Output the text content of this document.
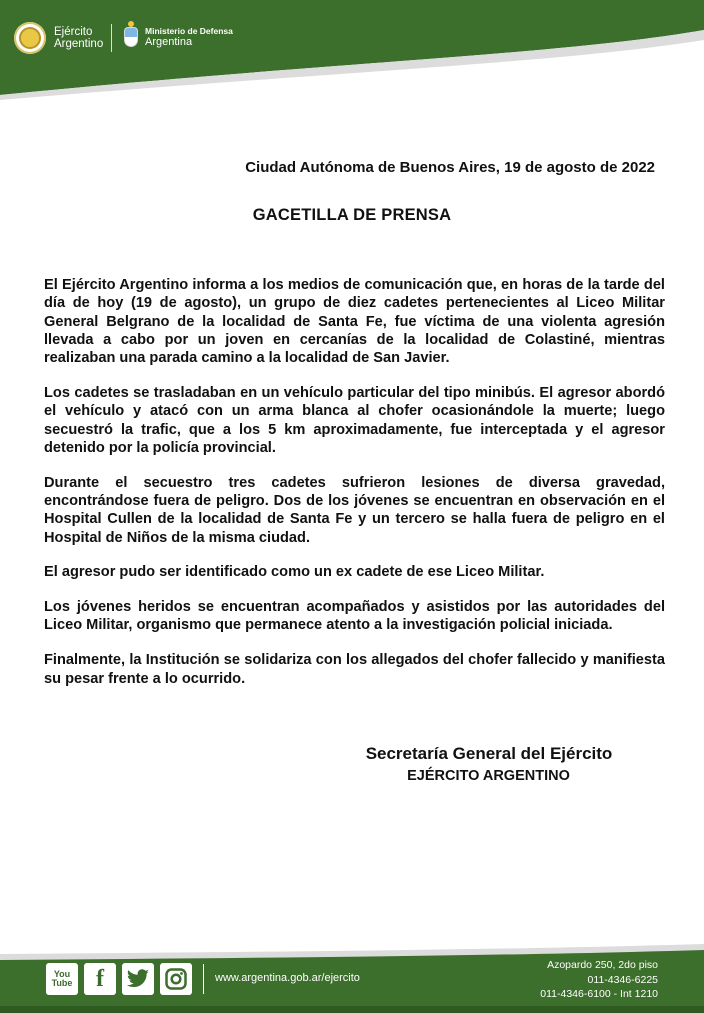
Ejército
Argentino
Ministerio de Defensa
Argentina
Ciudad Autónoma de Buenos Aires, 19 de agosto de 2022
GACETILLA DE PRENSA

El Ejército Argentino informa a los medios de comunicación que, en horas de la tarde del día de hoy (19 de agosto), un grupo de diez cadetes pertenecientes al Liceo Militar General Belgrano de la localidad de Santa Fe, fue víctima de una violenta agresión llevada a cabo por un joven en cercanías de la localidad de Colastiné, mientras realizaban una parada camino a la localidad de San Javier.

Los cadetes se trasladaban en un vehículo particular del tipo minibús. El agresor abordó el vehículo y atacó con un arma blanca al chofer ocasionándole la muerte; luego secuestró la trafic, que a los 5 km aproximadamente, fue interceptada y el agresor detenido por la policía provincial.

Durante el secuestro tres cadetes sufrieron lesiones de diversa gravedad, encontrándose fuera de peligro. Dos de los jóvenes se encuentran en observación en el Hospital Cullen de la localidad de Santa Fe y un tercero se halla fuera de peligro en el Hospital de Niños de la misma ciudad.

El agresor pudo ser identificado como un ex cadete de ese Liceo Militar.

Los jóvenes heridos se encuentran acompañados y asistidos por las autoridades del Liceo Militar, organismo que permanece atento a la investigación policial iniciada.

Finalmente, la Institución se solidariza con los allegados del chofer fallecido y manifiesta su pesar frente a lo ocurrido.

Secretaría General del Ejército
EJÉRCITO ARGENTINO
You
Tube f	www.argentina.gob.ar/ejercito
Azopardo 250, 2do piso
011-4346-6225
011-4346-6100 - Int 1210
